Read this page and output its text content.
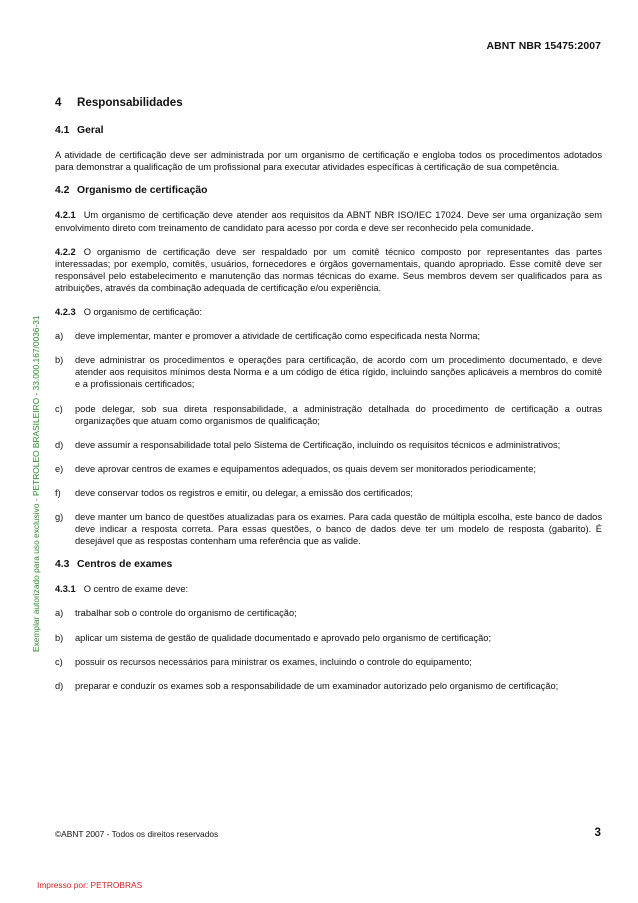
ABNT NBR 15475:2007
Exemplar autorizado para uso exclusivo - PETROLEO BRASILEIRO - 33.000.167/0036-31
4 Responsabilidades
4.1 Geral
A atividade de certificação deve ser administrada por um organismo de certificação e engloba todos os procedimentos adotados para demonstrar a qualificação de um profissional para executar atividades específicas à certificação de sua competência.
4.2 Organismo de certificação
4.2.1 Um organismo de certificação deve atender aos requisitos da ABNT NBR ISO/IEC 17024. Deve ser uma organização sem envolvimento direto com treinamento de candidato para acesso por corda e deve ser reconhecido pela comunidade.
4.2.2 O organismo de certificação deve ser respaldado por um comitê técnico composto por representantes das partes interessadas; por exemplo, comitês, usuários, fornecedores e órgãos governamentais, quando apropriado. Esse comitê deve ser responsável pelo estabelecimento e manutenção das normas técnicas do exame. Seus membros devem ser qualificados para as atribuições, através da combinação adequada de certificação e/ou experiência.
4.2.3 O organismo de certificação:
a)	deve implementar, manter e promover a atividade de certificação como especificada nesta Norma;
b)	deve administrar os procedimentos e operações para certificação, de acordo com um procedimento documentado, e deve atender aos requisitos mínimos desta Norma e a um código de ética rígido, incluindo sanções aplicáveis a membros do comitê e a profissionais certificados;
c)	pode delegar, sob sua direta responsabilidade, a administração detalhada do procedimento de certificação a outras organizações que atuam como organismos de qualificação;
d)	deve assumir a responsabilidade total pelo Sistema de Certificação, incluindo os requisitos técnicos e administrativos;
e)	deve aprovar centros de exames e equipamentos adequados, os quais devem ser monitorados periodicamente;
f)	deve conservar todos os registros e emitir, ou delegar, a emissão dos certificados;
g)	deve manter um banco de questões atualizadas para os exames. Para cada questão de múltipla escolha, este banco de dados deve indicar a resposta correta. Para essas questões, o banco de dados deve ter um modelo de resposta (gabarito). É desejável que as respostas contenham uma referência que as valide.
4.3 Centros de exames
4.3.1 O centro de exame deve:
a)	trabalhar sob o controle do organismo de certificação;
b)	aplicar um sistema de gestão de qualidade documentado e aprovado pelo organismo de certificação;
c)	possuir os recursos necessários para ministrar os exames, incluindo o controle do equipamento;
d)	preparar e conduzir os exames sob a responsabilidade de um examinador autorizado pelo organismo de certificação;
©ABNT 2007 - Todos os direitos reservados	3
Impresso por: PETROBRAS
